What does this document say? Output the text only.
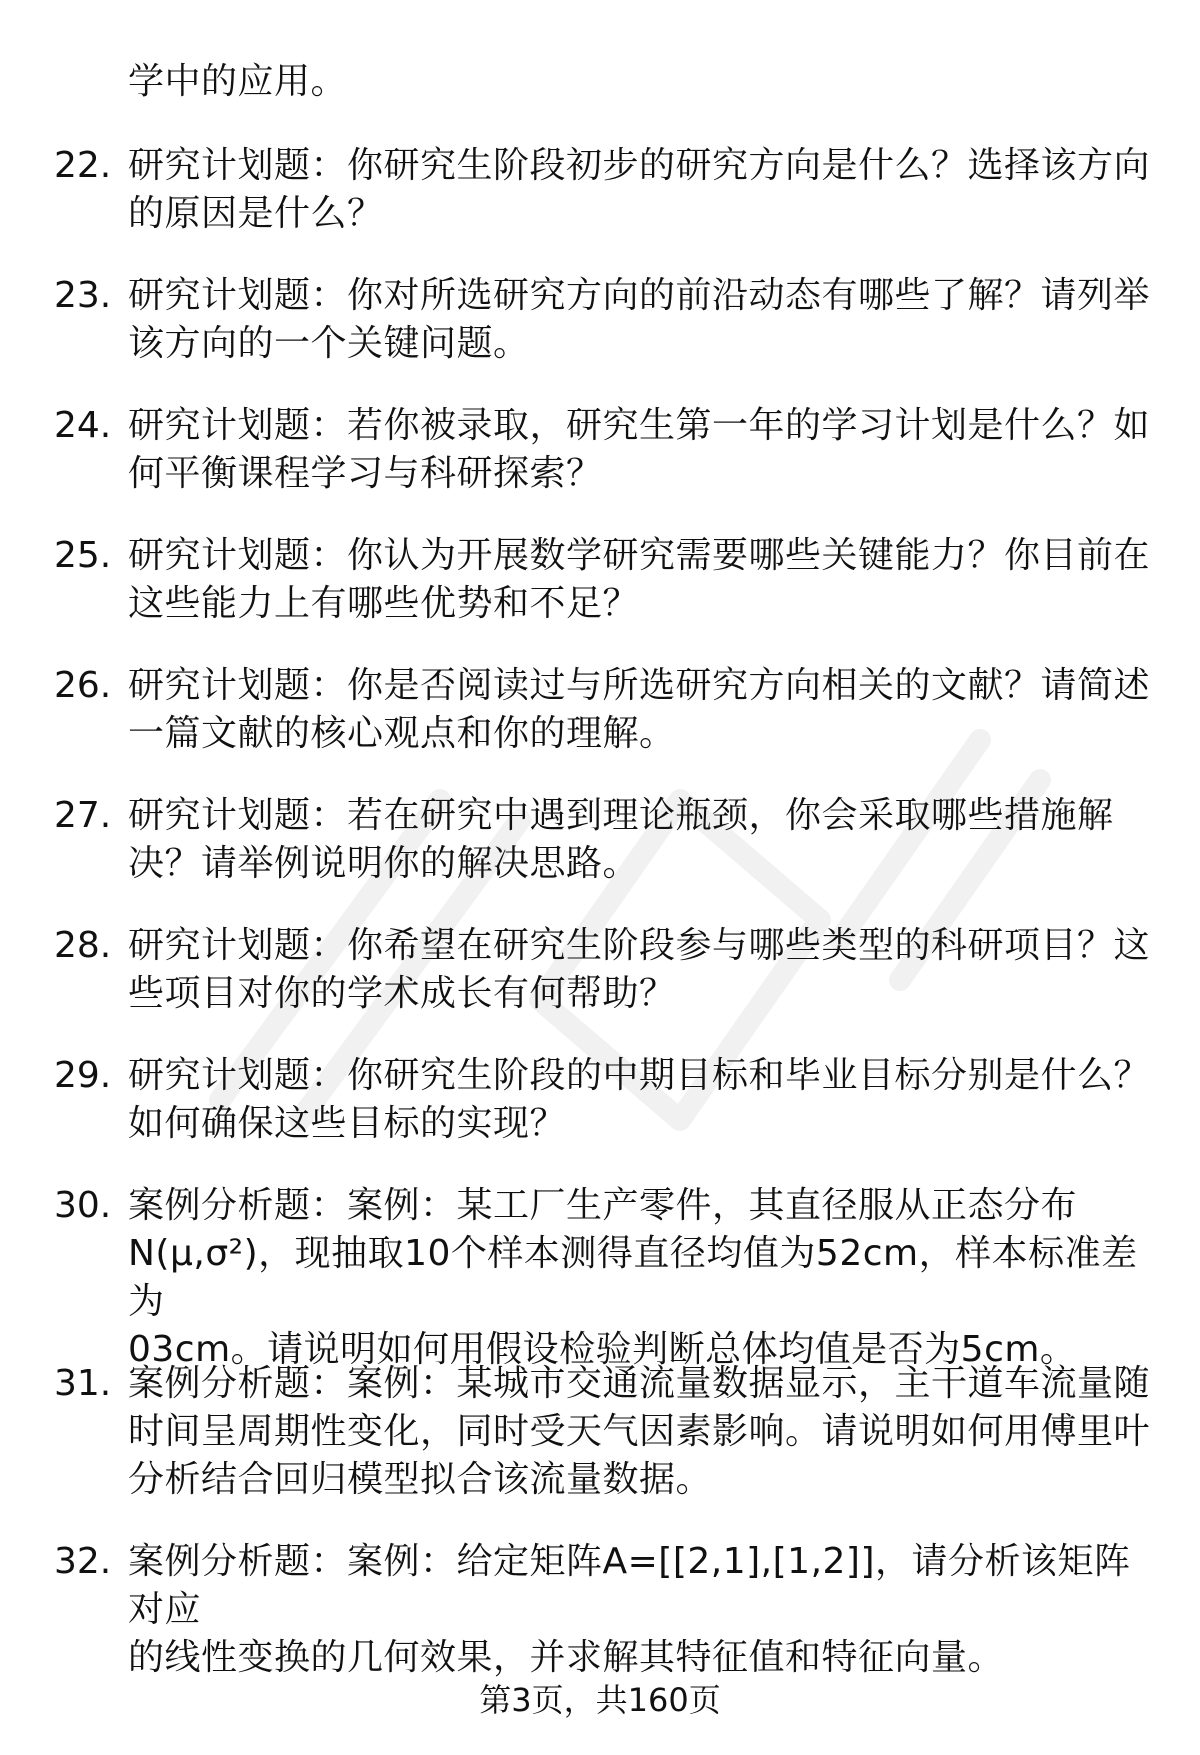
学中的应用。
22. 研究计划题：你研究生阶段初步的研究方向是什么？选择该方向
的原因是什么？
23. 研究计划题：你对所选研究方向的前沿动态有哪些了解？请列举
该方向的一个关键问题。
24. 研究计划题：若你被录取，研究生第一年的学习计划是什么？如
何平衡课程学习与科研探索？
25. 研究计划题：你认为开展数学研究需要哪些关键能力？你目前在
这些能力上有哪些优势和不足？
26. 研究计划题：你是否阅读过与所选研究方向相关的文献？请简述
一篇文献的核心观点和你的理解。
27. 研究计划题：若在研究中遇到理论瓶颈，你会采取哪些措施解
决？请举例说明你的解决思路。
28. 研究计划题：你希望在研究生阶段参与哪些类型的科研项目？这
些项目对你的学术成长有何帮助？
29. 研究计划题：你研究生阶段的中期目标和毕业目标分别是什么？
如何确保这些目标的实现？
30. 案例分析题：案例：某工厂生产零件，其直径服从正态分布
N(μ,σ²)，现抽取10个样本测得直径均值为52cm，样本标准差为
03cm。请说明如何用假设检验判断总体均值是否为5cm。
31. 案例分析题：案例：某城市交通流量数据显示，主干道车流量随
时间呈周期性变化，同时受天气因素影响。请说明如何用傅里叶
分析结合回归模型拟合该流量数据。
32. 案例分析题：案例：给定矩阵A=[[2,1],[1,2]]，请分析该矩阵对应
的线性变换的几何效果，并求解其特征值和特征向量。
第3页，共160页
